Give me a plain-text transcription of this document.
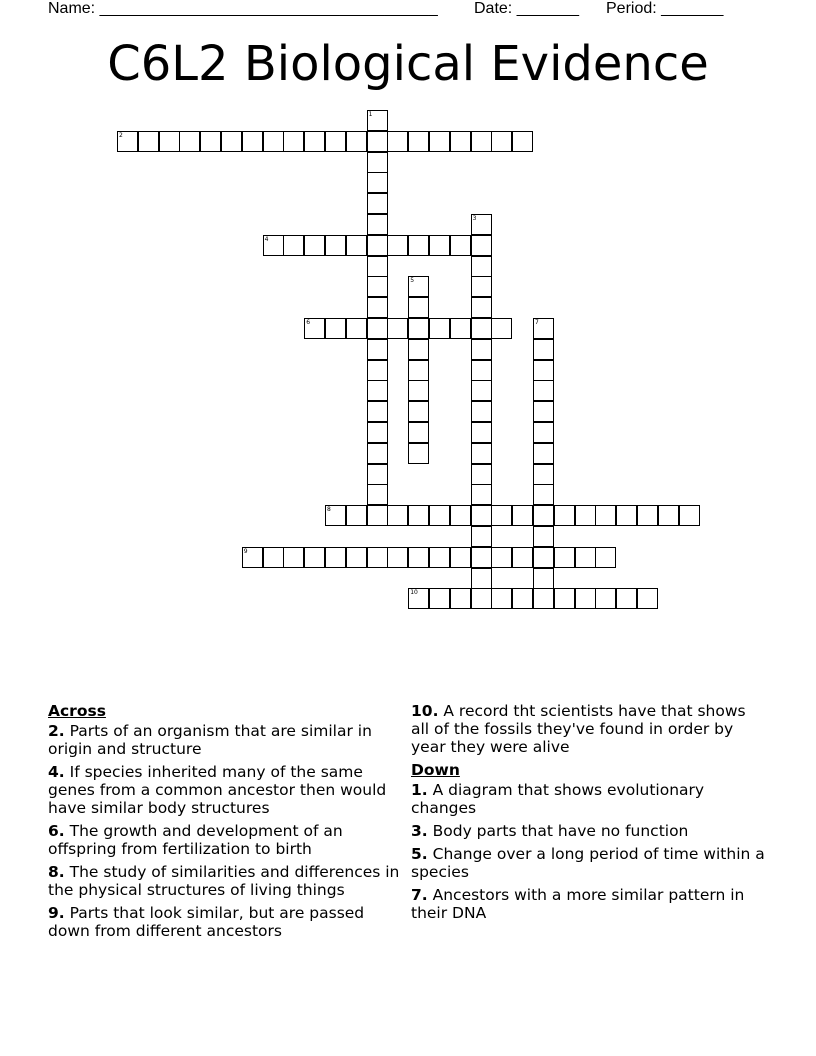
Name: ______________________________________

Date: _______

Period: _______

C6L2 Biological Evidence
1
2
3
4
5
6	7
8
9
10
Across
2. Parts of an organism that are similar in origin and structure
4. If species inherited many of the same genes from a common ancestor then would have similar body structures
6. The growth and development of an offspring from fertilization to birth
8. The study of similarities and differences in the physical structures of living things
9. Parts that look similar, but are passed down from different ancestors
10. A record tht scientists have that shows all of the fossils they've found in order by year they were alive
Down
1. A diagram that shows evolutionary changes
3. Body parts that have no function
5. Change over a long period of time within a species
7. Ancestors with a more similar pattern in their DNA
